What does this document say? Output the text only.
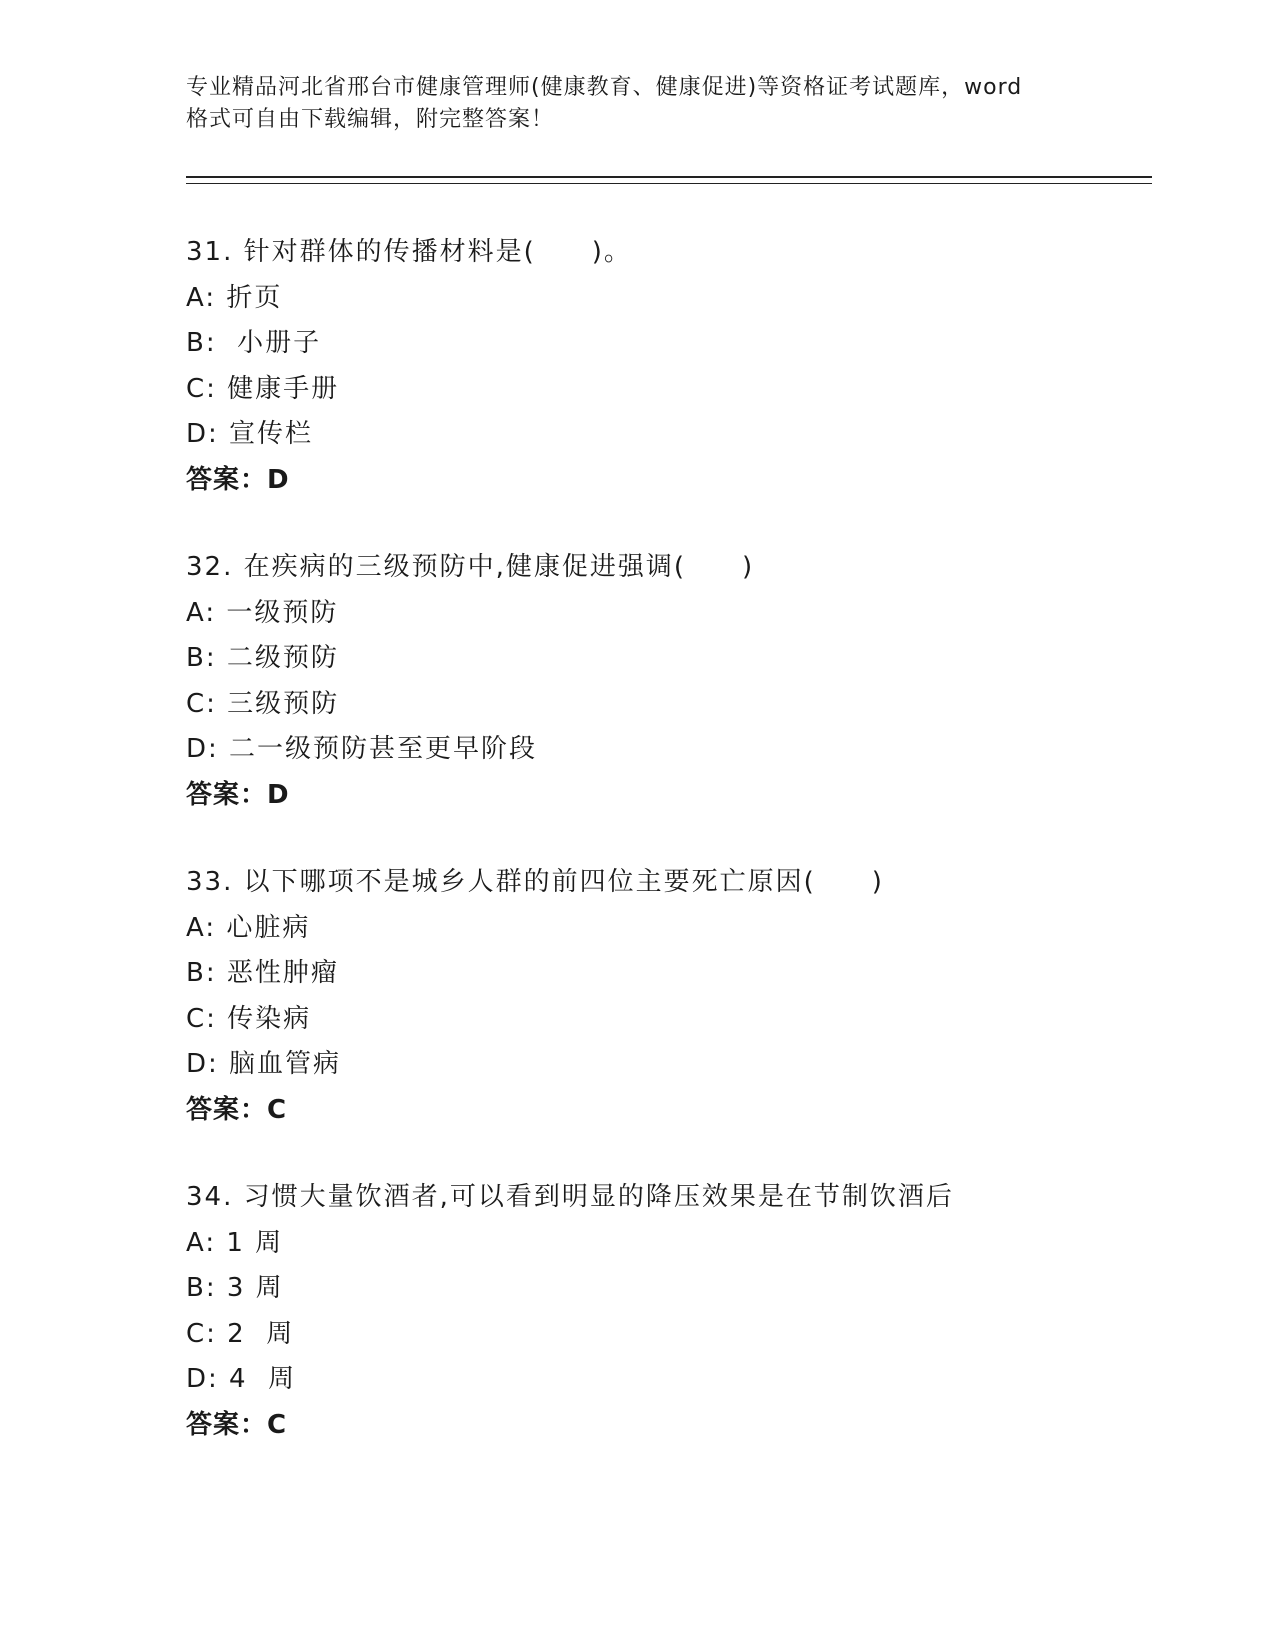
专业精品河北省邢台市健康管理师(健康教育、健康促进)等资格证考试题库，word
格式可自由下载编辑，附完整答案！
31. 针对群体的传播材料是(　　)。
A: 折页
B:  小册子
C: 健康手册
D: 宣传栏
答案：D
32. 在疾病的三级预防中,健康促进强调(　　)
A: 一级预防
B: 二级预防
C: 三级预防
D: 二一级预防甚至更早阶段
答案：D
33. 以下哪项不是城乡人群的前四位主要死亡原因(　　)
A: 心脏病
B: 恶性肿瘤
C: 传染病
D: 脑血管病
答案：C
34. 习惯大量饮酒者,可以看到明显的降压效果是在节制饮酒后
A: 1 周
B: 3 周
C: 2  周
D: 4  周
答案：C
